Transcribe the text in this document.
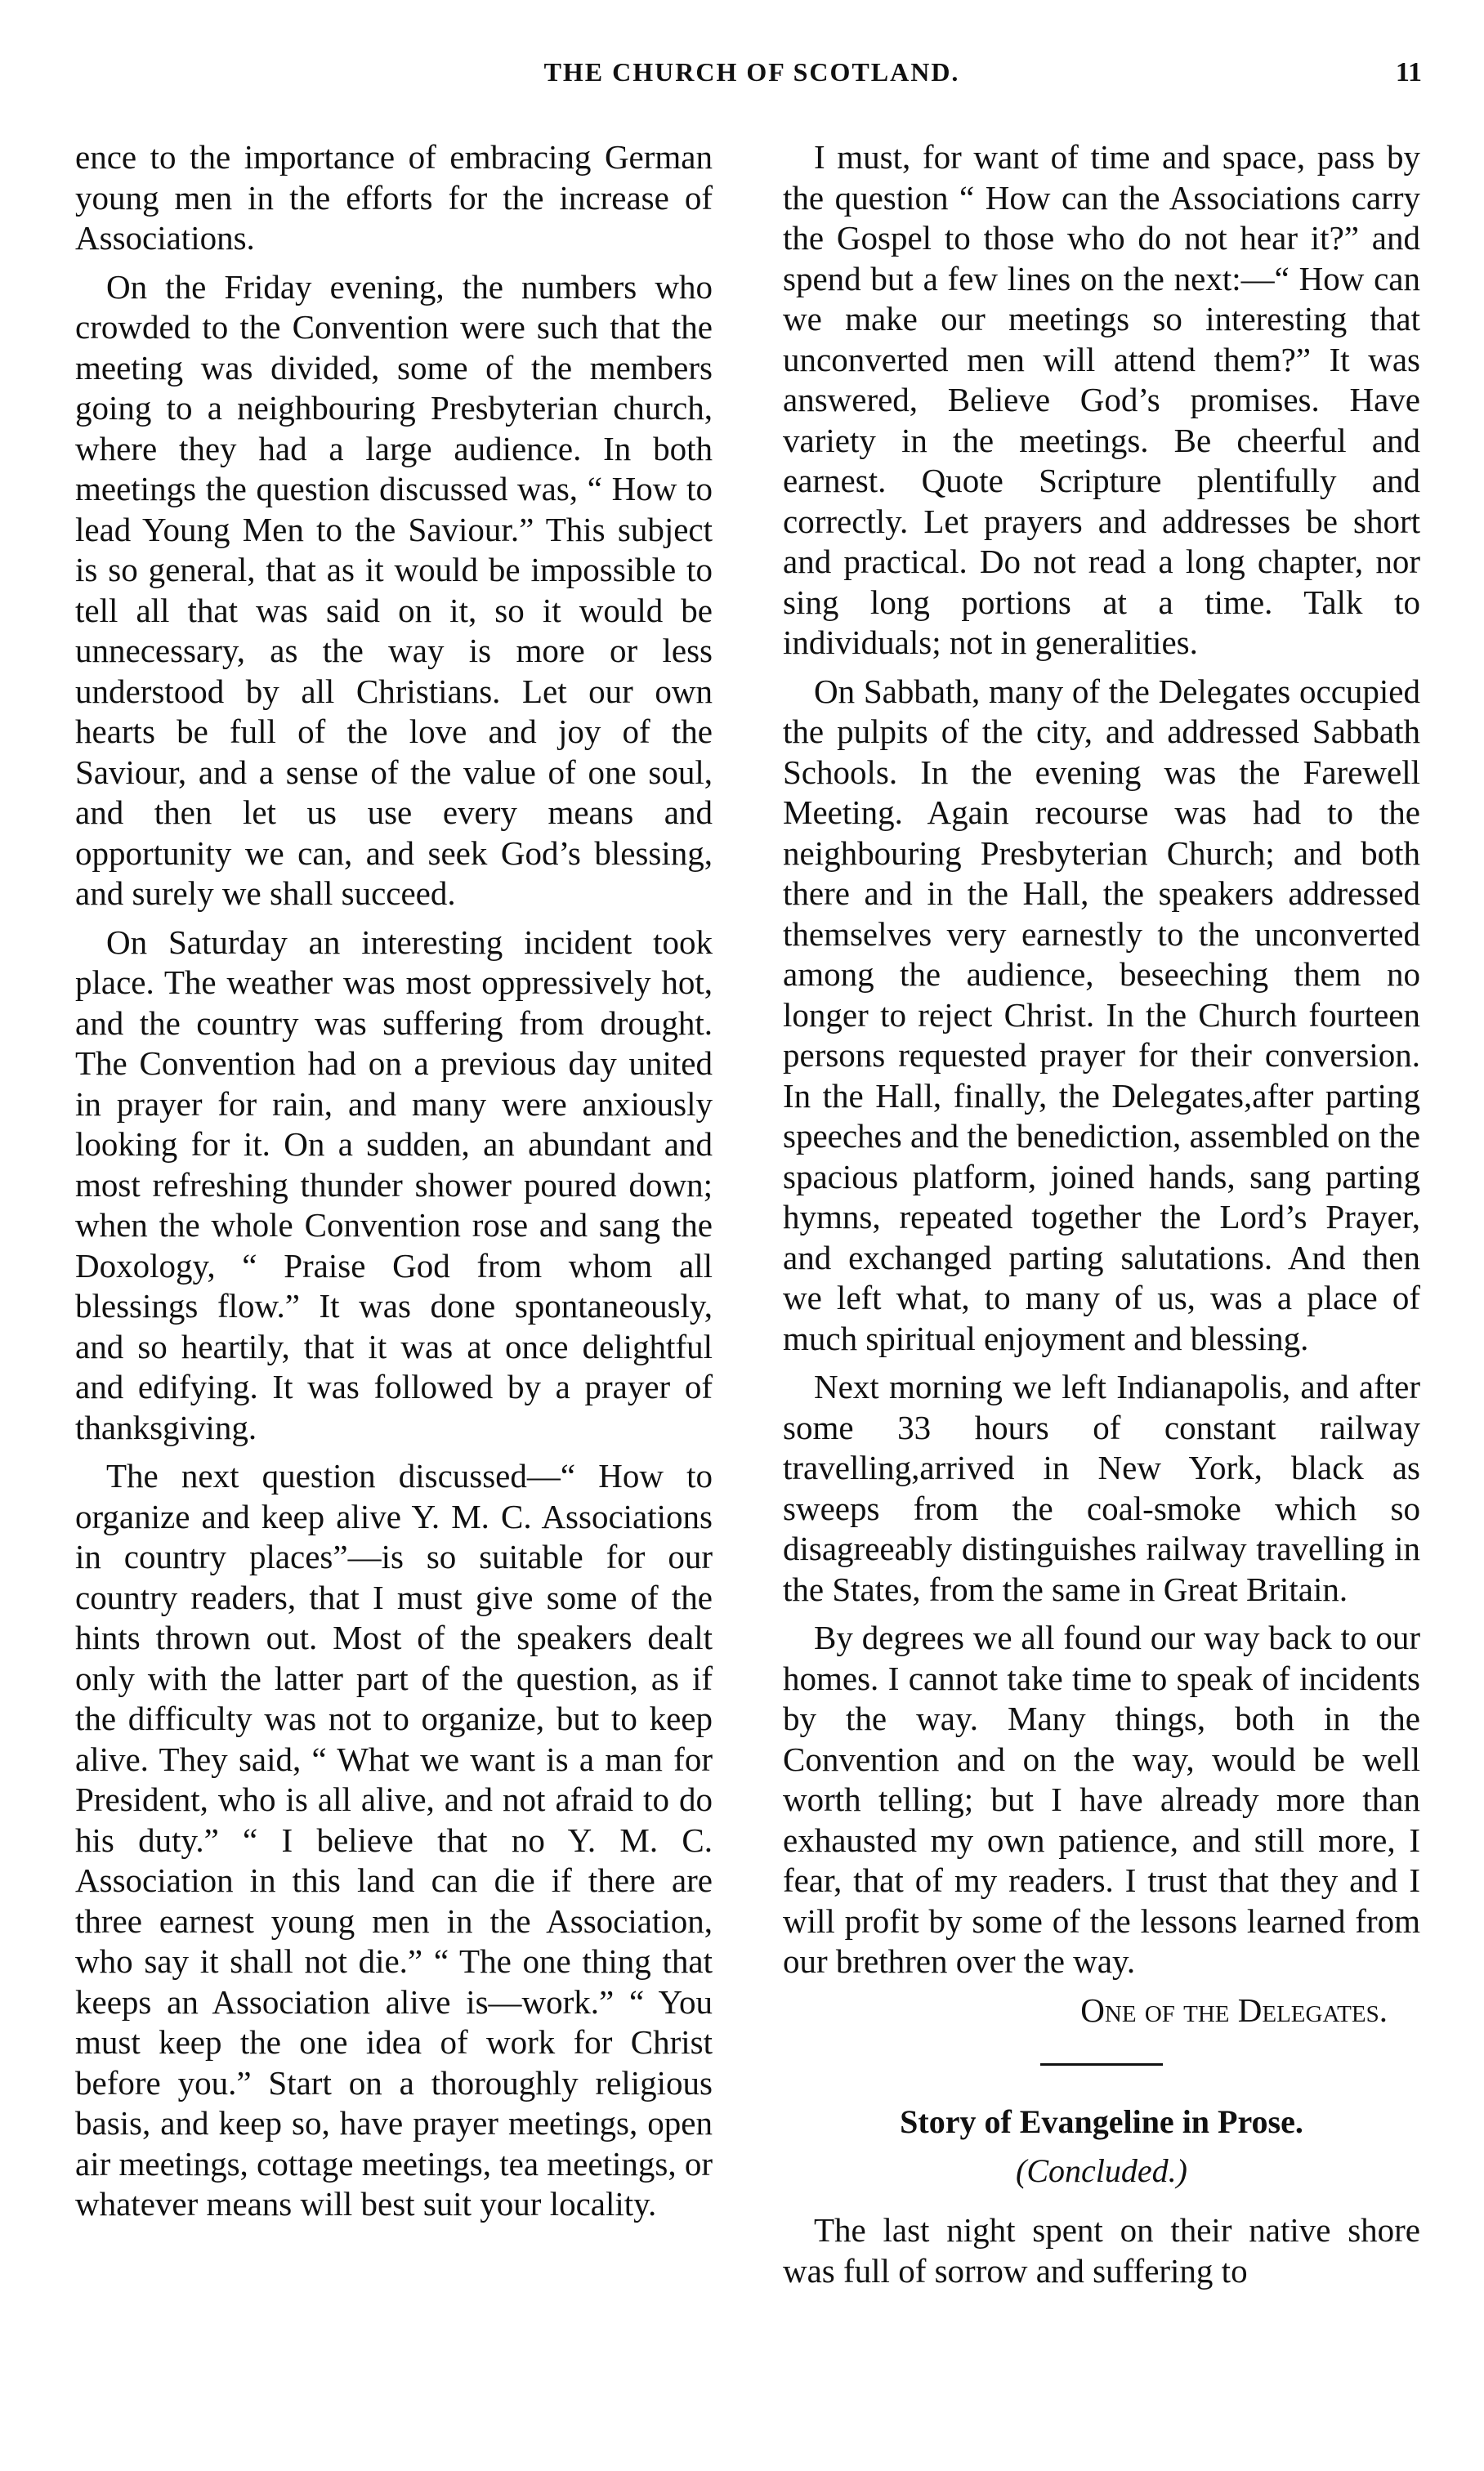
THE CHURCH OF SCOTLAND.	11

ence to the importance of embracing German young men in the efforts for the increase of Associations.

On the Friday evening, the numbers who crowded to the Convention were such that the meeting was divided, some of the members going to a neighbouring Presbyterian church, where they had a large audience. In both meetings the question discussed was, “ How to lead Young Men to the Saviour.” This subject is so general, that as it would be impossible to tell all that was said on it, so it would be unnecessary, as the way is more or less understood by all Christians. Let our own hearts be full of the love and joy of the Saviour, and a sense of the value of one soul, and then let us use every means and opportunity we can, and seek God’s blessing, and surely we shall succeed.

On Saturday an interesting incident took place. The weather was most oppressively hot, and the country was suffering from drought. The Convention had on a previous day united in prayer for rain, and many were anxiously looking for it. On a sudden, an abundant and most refreshing thunder shower poured down; when the whole Convention rose and sang the Doxology, “ Praise God from whom all blessings flow.” It was done spontaneously, and so heartily, that it was at once delightful and edifying. It was followed by a prayer of thanksgiving.

The next question discussed—“ How to organize and keep alive Y. M. C. Associations in country places”—is so suitable for our country readers, that I must give some of the hints thrown out. Most of the speakers dealt only with the latter part of the question, as if the difficulty was not to organize, but to keep alive. They said, “ What we want is a man for President, who is all alive, and not afraid to do his duty.” “ I believe that no Y. M. C. Association in this land can die if there are three earnest young men in the Association, who say it shall not die.” “ The one thing that keeps an Association alive is—work.” “ You must keep the one idea of work for Christ before you.” Start on a thoroughly religious basis, and keep so, have prayer meetings, open air meetings, cottage meetings, tea meetings, or whatever means will best suit your locality.

I must, for want of time and space, pass by the question “ How can the Associations carry the Gospel to those who do not hear it?” and spend but a few lines on the next:—“ How can we make our meetings so interesting that unconverted men will attend them?” It was answered, Believe God’s promises. Have variety in the meetings. Be cheerful and earnest. Quote Scripture plentifully and correctly. Let prayers and addresses be short and practical. Do not read a long chapter, nor sing long portions at a time. Talk to individuals; not in generalities.

On Sabbath, many of the Delegates occupied the pulpits of the city, and addressed Sabbath Schools. In the evening was the Farewell Meeting. Again recourse was had to the neighbouring Presbyterian Church; and both there and in the Hall, the speakers addressed themselves very earnestly to the unconverted among the audience, beseeching them no longer to reject Christ. In the Church fourteen persons requested prayer for their conversion. In the Hall, finally, the Delegates,after parting speeches and the benediction, assembled on the spacious platform, joined hands, sang parting hymns, repeated together the Lord’s Prayer, and exchanged parting salutations. And then we left what, to many of us, was a place of much spiritual enjoyment and blessing.

Next morning we left Indianapolis, and after some 33 hours of constant railway travelling,arrived in New York, black as sweeps from the coal-smoke which so disagreeably distinguishes railway travelling in the States, from the same in Great Britain.

By degrees we all found our way back to our homes. I cannot take time to speak of incidents by the way. Many things, both in the Convention and on the way, would be well worth telling; but I have already more than exhausted my own patience, and still more, I fear, that of my readers. I trust that they and I will profit by some of the lessons learned from our brethren over the way.

One of the Delegates.

Story of Evangeline in Prose.

(Concluded.)

The last night spent on their native shore was full of sorrow and suffering to
